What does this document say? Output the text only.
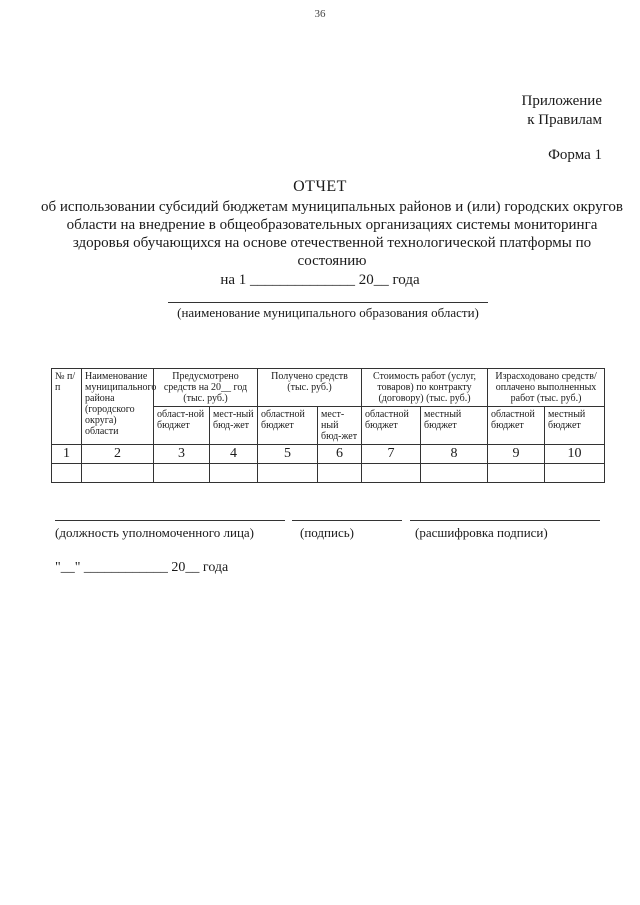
36
Приложение
к Правилам
Форма 1
ОТЧЕТ
об использовании субсидий бюджетам муниципальных районов и (или) городских округов области на внедрение в общеобразовательных организациях системы мониторинга здоровья обучающихся на основе отечественной технологической платформы по состоянию
на 1 ______________ 20__ года
(наименование муниципального образования области)
№ п/п	Наименование муниципального района (городского округа) области	Предусмотрено средств на 20__ год (тыс. руб.)		Получено средств (тыс. руб.)		Стоимость работ (услуг, товаров) по контракту (договору) (тыс. руб.)		Израсходовано средств/оплачено выполненных работ (тыс. руб.)	
		област-ной бюджет	мест-ный бюд-жет	областной бюджет	мест-ный бюд-жет	областной бюджет	местный бюджет	областной бюджет	местный бюджет
1	2	3	4	5	6	7	8	9	10

(должность уполномоченного лица)	(подпись)	(расшифровка подписи)
"__" ____________ 20__ года
